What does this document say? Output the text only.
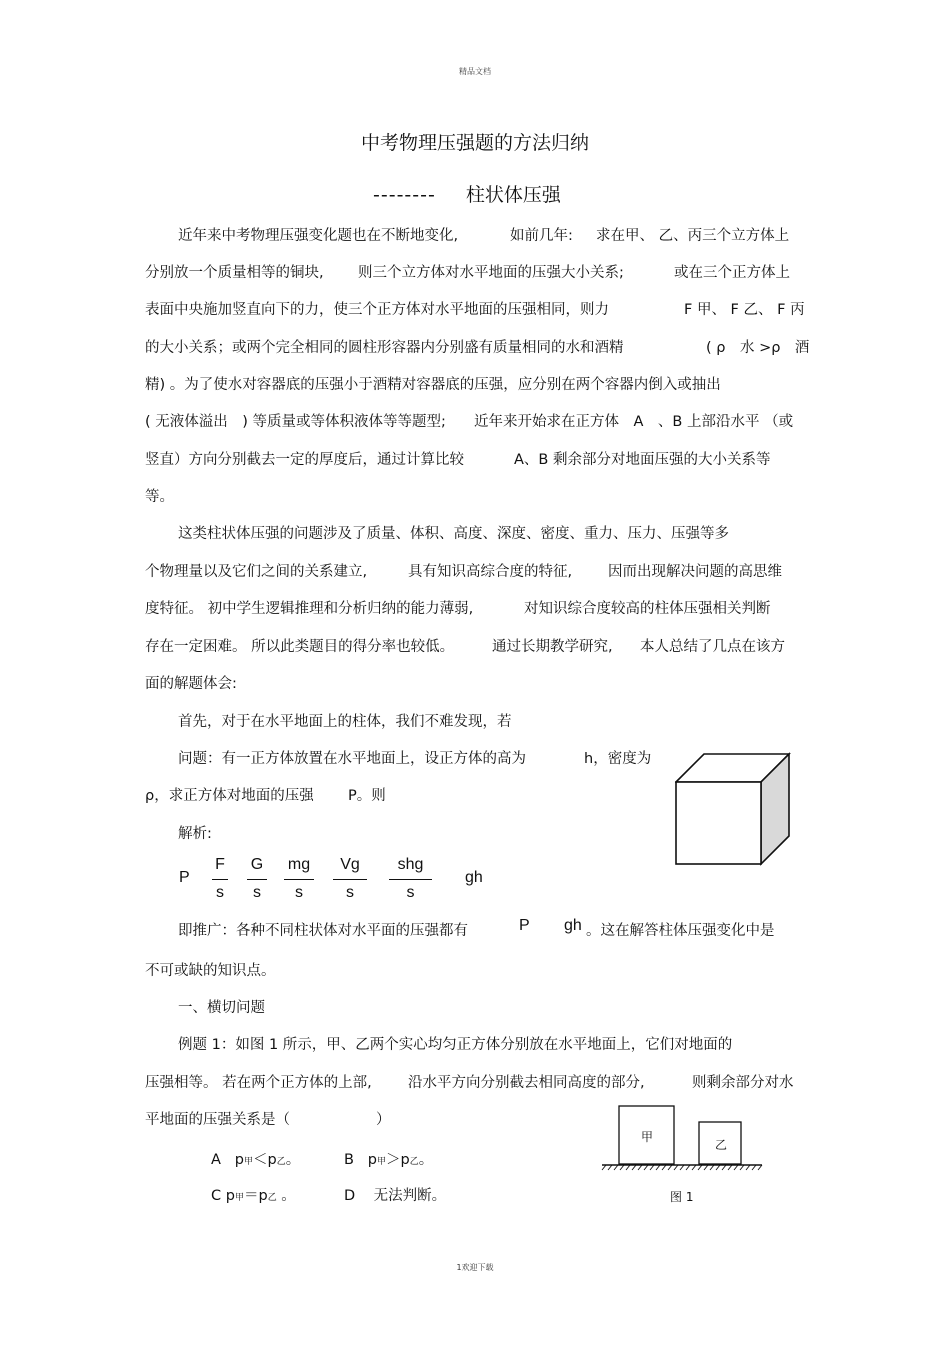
精品文档
中考物理压强题的方法归纳
-------- 柱状体压强
近年来中考物理压强变化题也在不断地变化,	如前几年: 求在甲、 乙、丙三个立方体上
分别放一个质量相等的铜块, 则三个立方体对水平地面的压强大小关系;	或在三个正方体上
表面中央施加竖直向下的力，使三个正方体对水平地面的压强相同，则力	F 甲、 F 乙、 F 丙
的大小关系；或两个完全相同的圆柱形容器内分别盛有质量相同的水和酒精	( ρ　水 >ρ　酒
精) 。为了使水对容器底的压强小于酒精对容器底的压强，应分别在两个容器内倒入或抽出
( 无液体溢出　) 等质量或等体积液体等等题型; 近年来开始求在正方体　A　、B 上部沿水平 （或
竖直）方向分别截去一定的厚度后，通过计算比较	A、B 剩余部分对地面压强的大小关系等
等。
这类柱状体压强的问题涉及了质量、体积、高度、深度、密度、重力、压力、压强等多
个物理量以及它们之间的关系建立,	具有知识高综合度的特征, 因而出现解决问题的高思维
度特征。 初中学生逻辑推理和分析归纳的能力薄弱,	对知识综合度较高的柱体压强相关判断
存在一定困难。 所以此类题目的得分率也较低。	通过长期教学研究, 本人总结了几点在该方
面的解题体会:
首先，对于在水平地面上的柱体，我们不难发现，若
问题：有一正方体放置在水平地面上，设正方体的高为	h，密度为
ρ，求正方体对地面的压强 P。则
解析:
P
F
s
G
s
mg
s
Vg
s
shg
s
gh
即推广：各种不同柱状体对水平面的压强都有	P gh 。这在解答柱体压强变化中是
不可或缺的知识点。
一、横切问题
例题 1：如图 1 所示，甲、乙两个实心均匀正方体分别放在水平地面上，它们对地面的
压强相等。 若在两个正方体的上部,	沿水平方向分别截去相同高度的部分,	则剩余部分对水
平地面的压强关系是（	）
A p甲＜p乙。	B p甲＞p乙。
C p甲＝p乙 。	D 无法判断。
甲
乙
图 1
1欢迎下载
